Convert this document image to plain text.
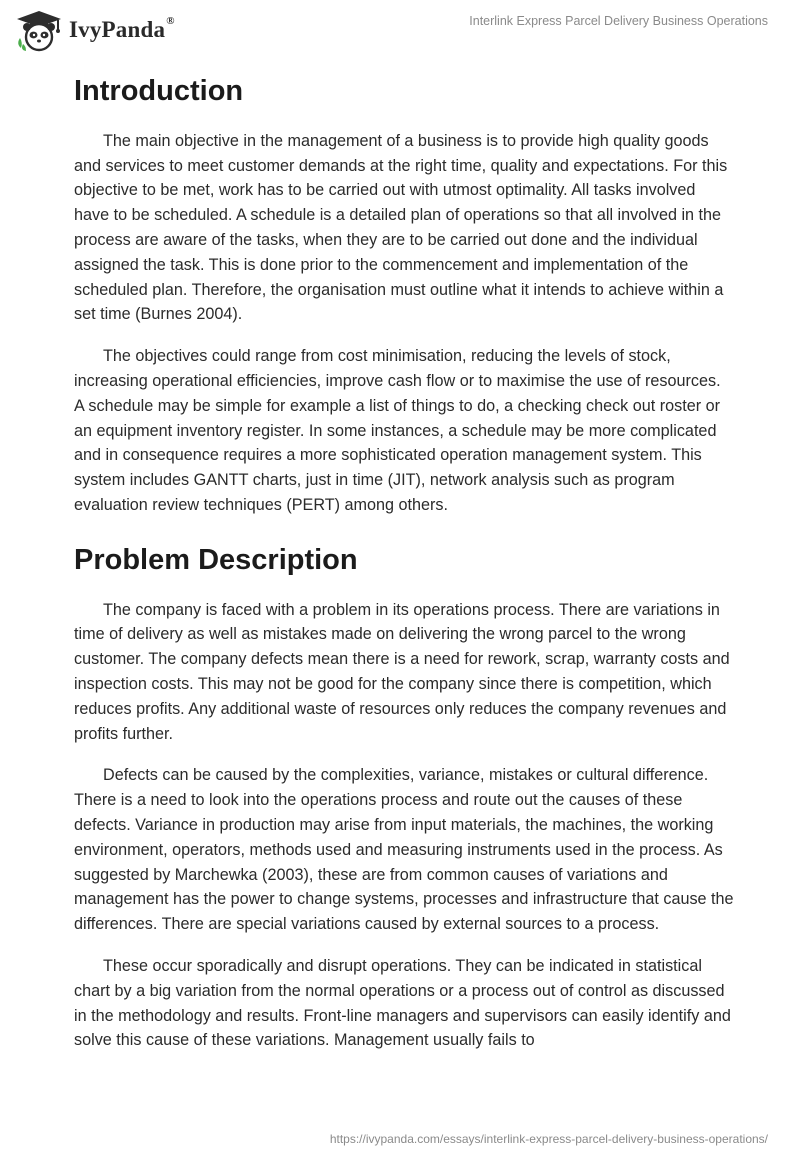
IvyPanda®	Interlink Express Parcel Delivery Business Operations
Introduction

The main objective in the management of a business is to provide high quality goods and services to meet customer demands at the right time, quality and expectations. For this objective to be met, work has to be carried out with utmost optimality. All tasks involved have to be scheduled. A schedule is a detailed plan of operations so that all involved in the process are aware of the tasks, when they are to be carried out done and the individual assigned the task. This is done prior to the commencement and implementation of the scheduled plan. Therefore, the organisation must outline what it intends to achieve within a set time (Burnes 2004).

The objectives could range from cost minimisation, reducing the levels of stock, increasing operational efficiencies, improve cash flow or to maximise the use of resources. A schedule may be simple for example a list of things to do, a checking check out roster or an equipment inventory register. In some instances, a schedule may be more complicated and in consequence requires a more sophisticated operation management system. This system includes GANTT charts, just in time (JIT), network analysis such as program evaluation review techniques (PERT) among others.

Problem Description

The company is faced with a problem in its operations process. There are variations in time of delivery as well as mistakes made on delivering the wrong parcel to the wrong customer. The company defects mean there is a need for rework, scrap, warranty costs and inspection costs. This may not be good for the company since there is competition, which reduces profits. Any additional waste of resources only reduces the company revenues and profits further.

Defects can be caused by the complexities, variance, mistakes or cultural difference. There is a need to look into the operations process and route out the causes of these defects. Variance in production may arise from input materials, the machines, the working environment, operators, methods used and measuring instruments used in the process. As suggested by Marchewka (2003), these are from common causes of variations and management has the power to change systems, processes and infrastructure that cause the differences. There are special variations caused by external sources to a process.

These occur sporadically and disrupt operations. They can be indicated in statistical chart by a big variation from the normal operations or a process out of control as discussed in the methodology and results. Front-line managers and supervisors can easily identify and solve this cause of these variations. Management usually fails to

https://ivypanda.com/essays/interlink-express-parcel-delivery-business-operations/
